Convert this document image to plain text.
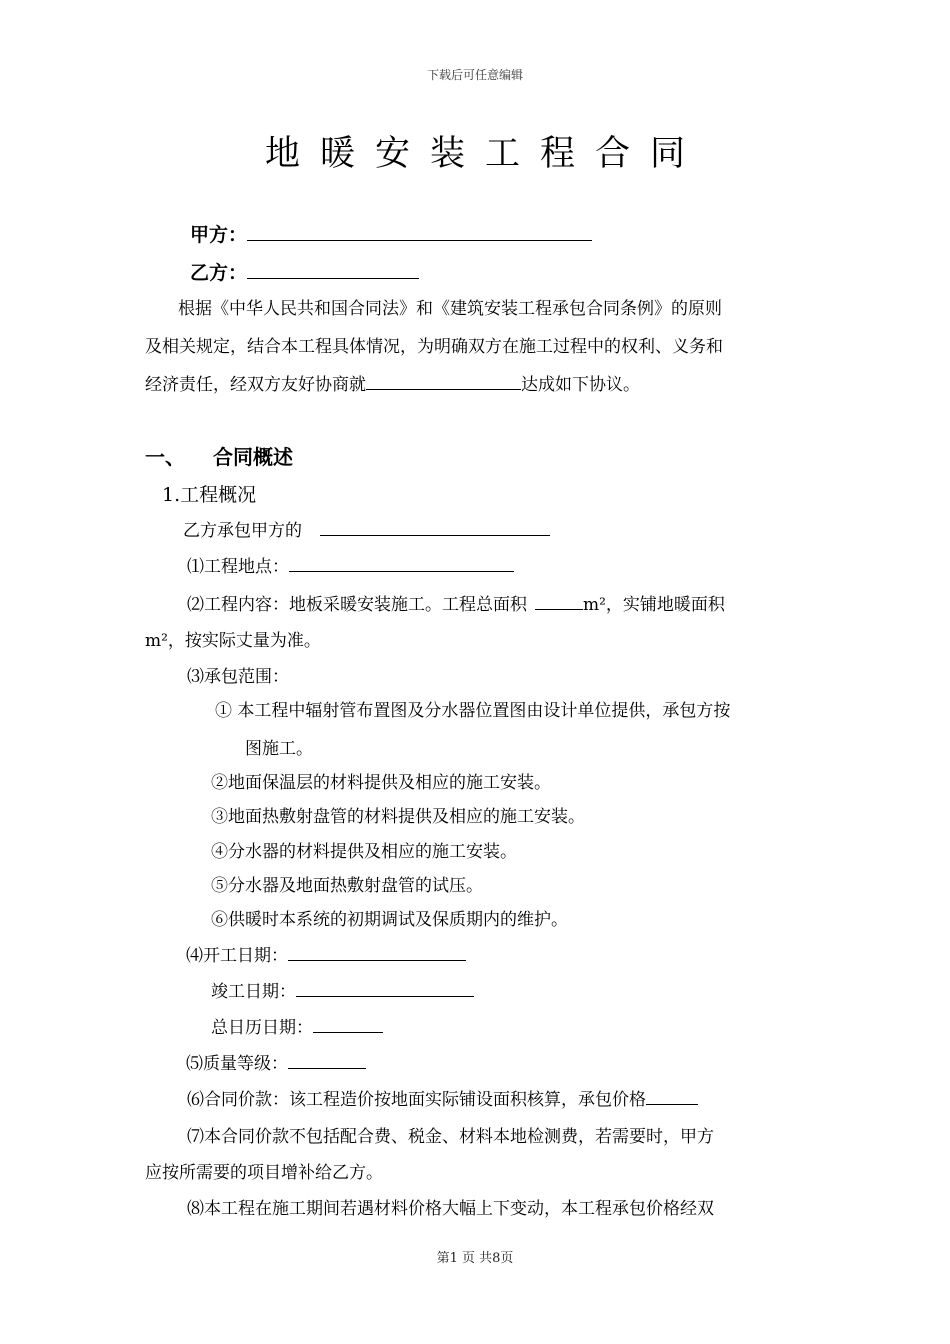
下载后可任意编辑
地暖安装工程合同
甲方：
乙方：
根据《中华人民共和国合同法》和《建筑安装工程承包合同条例》的原则
及相关规定，结合本工程具体情况，为明确双方在施工过程中的权利、义务和
经济责任，经双方友好协商就	达成如下协议。
一、 合同概述
1.工程概况
乙方承包甲方的
⑴工程地点：
⑵工程内容：地板采暖安装施工。工程总面积	m²，实铺地暖面积
m²，按实际丈量为准。
⑶承包范围：
① 本工程中辐射管布置图及分水器位置图由设计单位提供，承包方按
图施工。
②地面保温层的材料提供及相应的施工安装。
③地面热敷射盘管的材料提供及相应的施工安装。
④分水器的材料提供及相应的施工安装。
⑤分水器及地面热敷射盘管的试压。
⑥供暖时本系统的初期调试及保质期内的维护。
⑷开工日期：
竣工日期：
总日历日期：
⑸质量等级：
⑹合同价款：该工程造价按地面实际铺设面积核算，承包价格
⑺本合同价款不包括配合费、税金、材料本地检测费，若需要时，甲方
应按所需要的项目增补给乙方。
⑻本工程在施工期间若遇材料价格大幅上下变动，本工程承包价格经双
第1 页 共8页
